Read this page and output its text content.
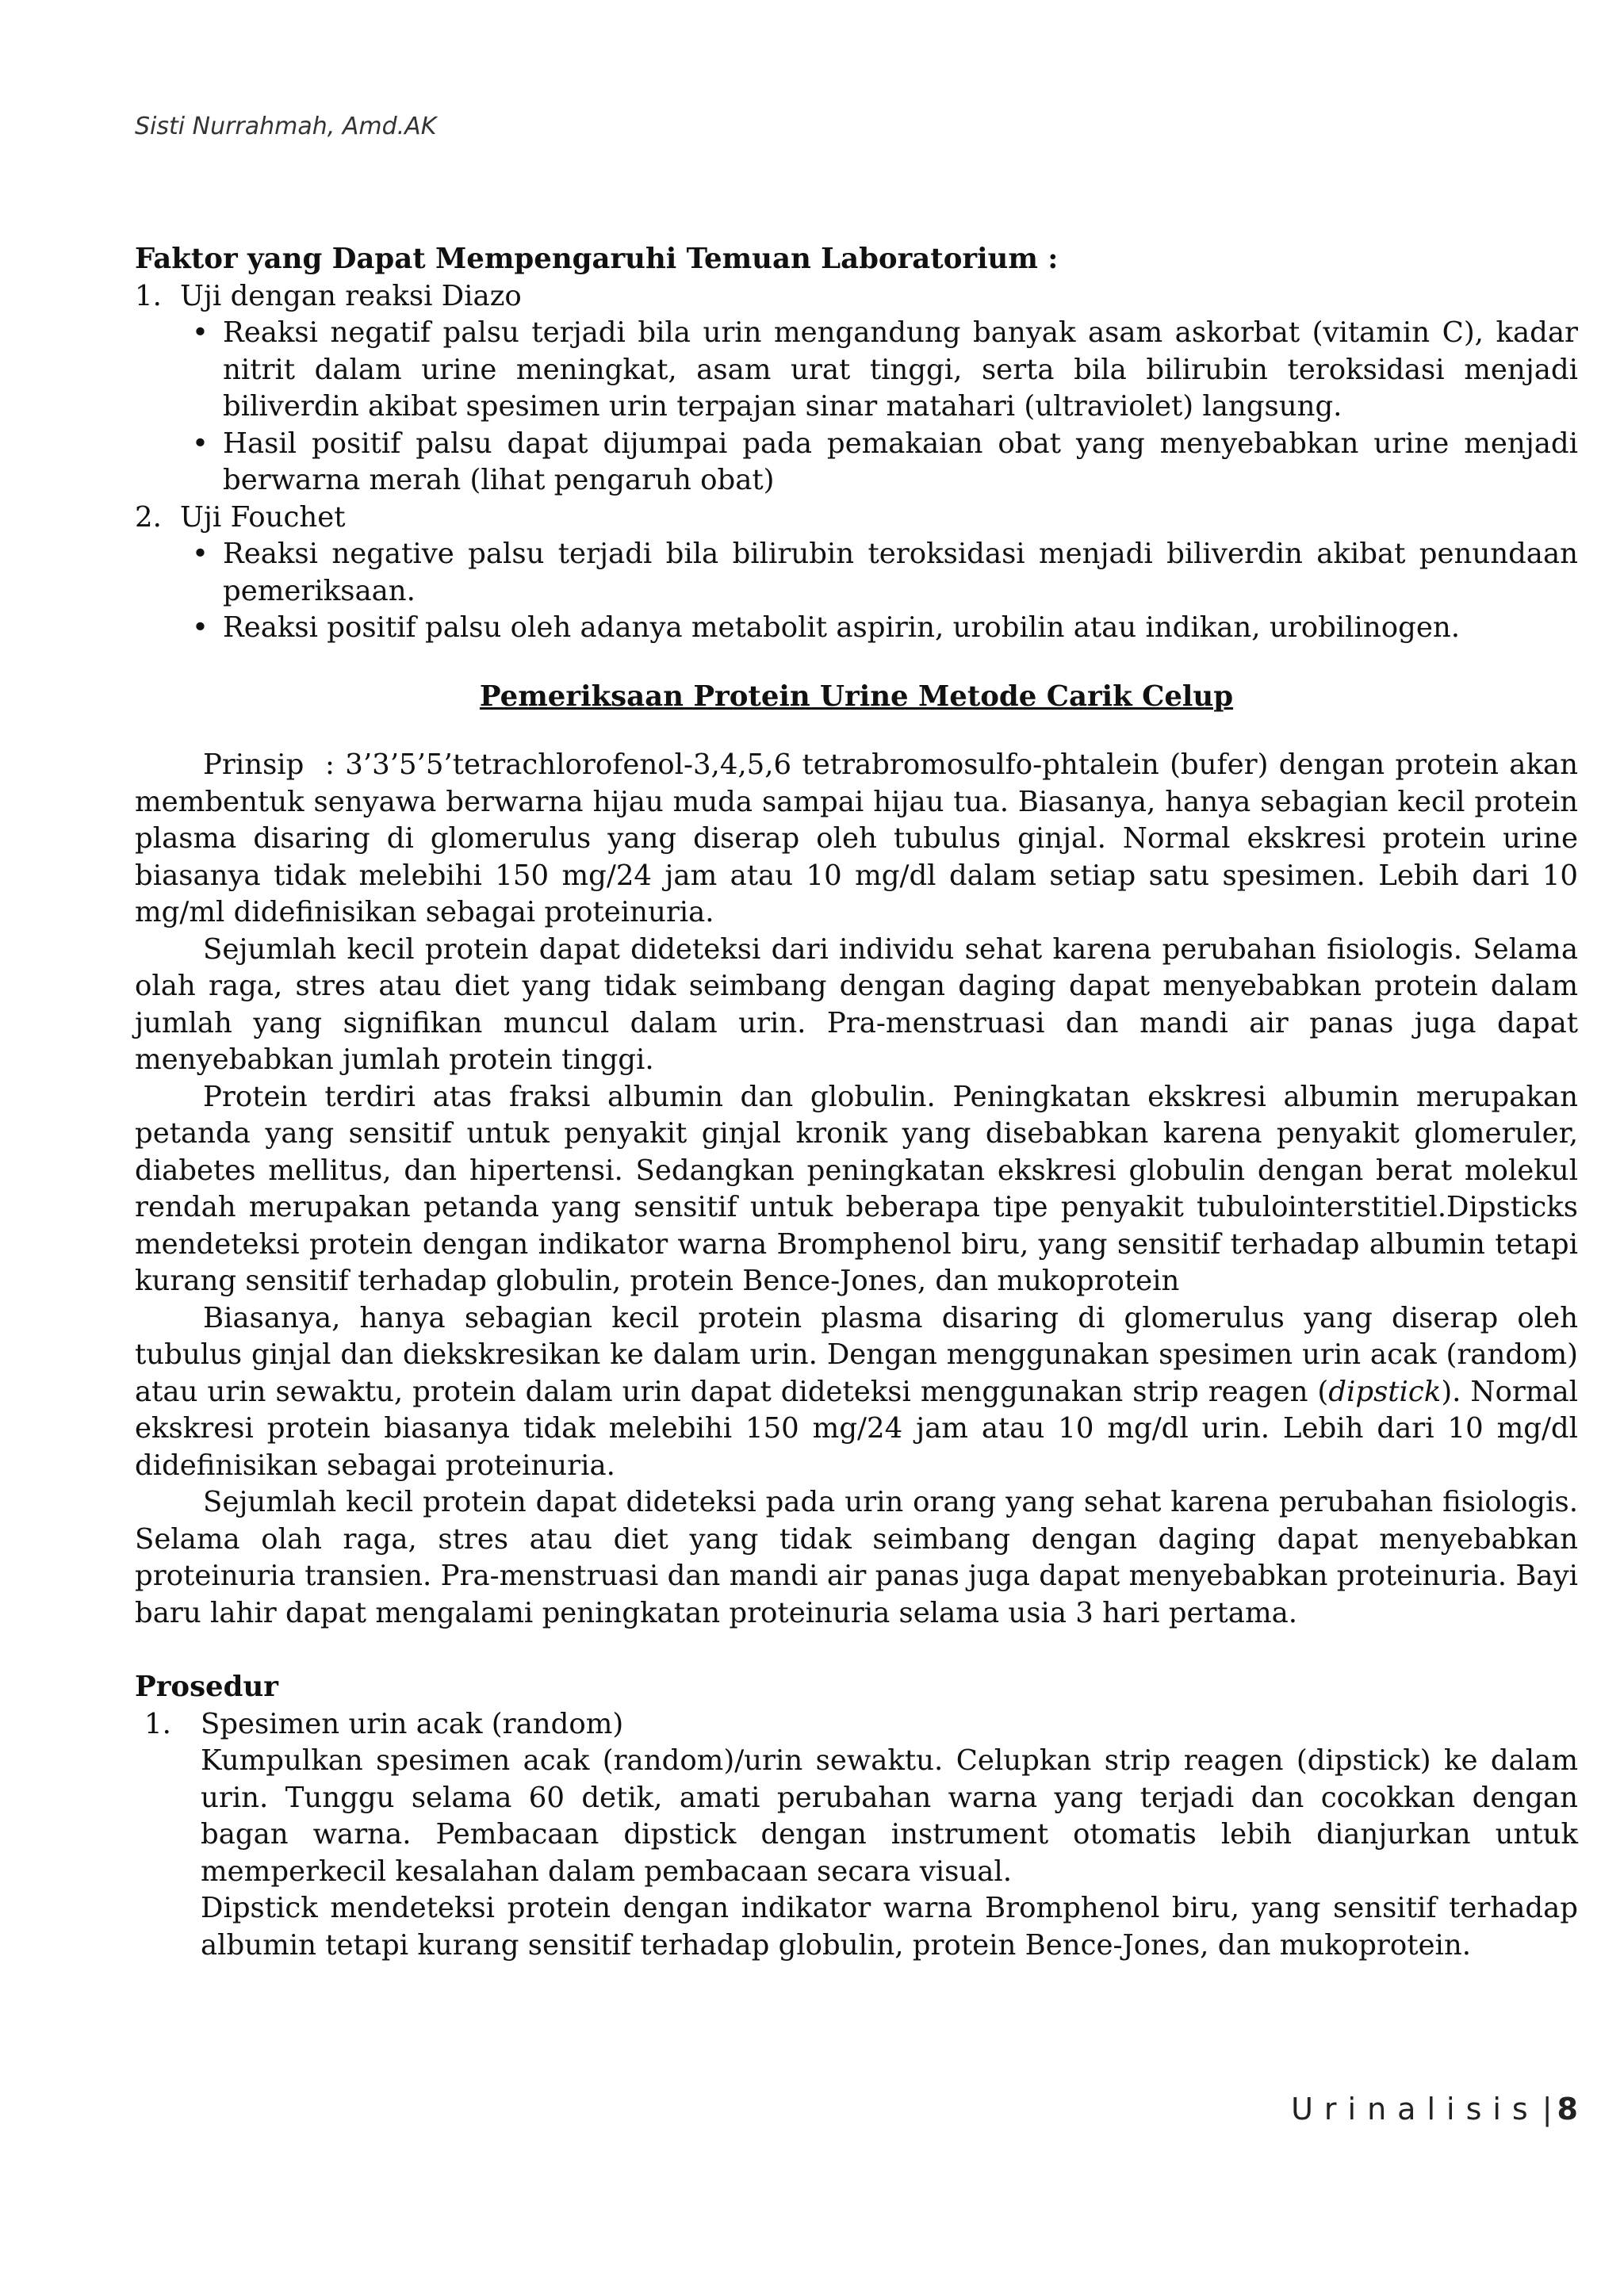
Sisti Nurrahmah, Amd.AK

Faktor yang Dapat Mempengaruhi Temuan Laboratorium :

1. Uji dengan reaksi Diazo
• Reaksi negatif palsu terjadi bila urin mengandung banyak asam askorbat (vitamin C), kadar nitrit dalam urine meningkat, asam urat tinggi, serta bila bilirubin teroksidasi menjadi biliverdin akibat spesimen urin terpajan sinar matahari (ultraviolet) langsung.
• Hasil positif palsu dapat dijumpai pada pemakaian obat yang menyebabkan urine menjadi berwarna merah (lihat pengaruh obat)
2. Uji Fouchet
• Reaksi negative palsu terjadi bila bilirubin teroksidasi menjadi biliverdin akibat penundaan pemeriksaan.
• Reaksi positif palsu oleh adanya metabolit aspirin, urobilin atau indikan, urobilinogen.

Pemeriksaan Protein Urine Metode Carik Celup

Prinsip  : 3’3’5’5’tetrachlorofenol-3,4,5,6 tetrabromosulfo-phtalein (bufer) dengan protein akan membentuk senyawa berwarna hijau muda sampai hijau tua. Biasanya, hanya sebagian kecil protein plasma disaring di glomerulus yang diserap oleh tubulus ginjal. Normal ekskresi protein urine biasanya tidak melebihi 150 mg/24 jam atau 10 mg/dl dalam setiap satu spesimen. Lebih dari 10 mg/ml didefinisikan sebagai proteinuria.

Sejumlah kecil protein dapat dideteksi dari individu sehat karena perubahan fisiologis. Selama olah raga, stres atau diet yang tidak seimbang dengan daging dapat menyebabkan protein dalam jumlah yang signifikan muncul dalam urin. Pra-menstruasi dan mandi air panas juga dapat menyebabkan jumlah protein tinggi.

Protein terdiri atas fraksi albumin dan globulin. Peningkatan ekskresi albumin merupakan petanda yang sensitif untuk penyakit ginjal kronik yang disebabkan karena penyakit glomeruler, diabetes mellitus, dan hipertensi. Sedangkan peningkatan ekskresi globulin dengan berat molekul rendah merupakan petanda yang sensitif untuk beberapa tipe penyakit tubulointerstitiel.Dipsticks mendeteksi protein dengan indikator warna Bromphenol biru, yang sensitif terhadap albumin tetapi kurang sensitif terhadap globulin, protein Bence-Jones, dan mukoprotein

Biasanya, hanya sebagian kecil protein plasma disaring di glomerulus yang diserap oleh tubulus ginjal dan diekskresikan ke dalam urin. Dengan menggunakan spesimen urin acak (random) atau urin sewaktu, protein dalam urin dapat dideteksi menggunakan strip reagen (dipstick). Normal ekskresi protein biasanya tidak melebihi 150 mg/24 jam atau 10 mg/dl urin. Lebih dari 10 mg/dl didefinisikan sebagai proteinuria.

Sejumlah kecil protein dapat dideteksi pada urin orang yang sehat karena perubahan fisiologis. Selama olah raga, stres atau diet yang tidak seimbang dengan daging dapat menyebabkan proteinuria transien. Pra-menstruasi dan mandi air panas juga dapat menyebabkan proteinuria. Bayi baru lahir dapat mengalami peningkatan proteinuria selama usia 3 hari pertama.

Prosedur

1. Spesimen urin acak (random)

Kumpulkan spesimen acak (random)/urin sewaktu. Celupkan strip reagen (dipstick) ke dalam urin. Tunggu selama 60 detik, amati perubahan warna yang terjadi dan cocokkan dengan bagan warna. Pembacaan dipstick dengan instrument otomatis lebih dianjurkan untuk memperkecil kesalahan dalam pembacaan secara visual.

Dipstick mendeteksi protein dengan indikator warna Bromphenol biru, yang sensitif terhadap albumin tetapi kurang sensitif terhadap globulin, protein Bence-Jones, dan mukoprotein.

Urinalisis | 8
